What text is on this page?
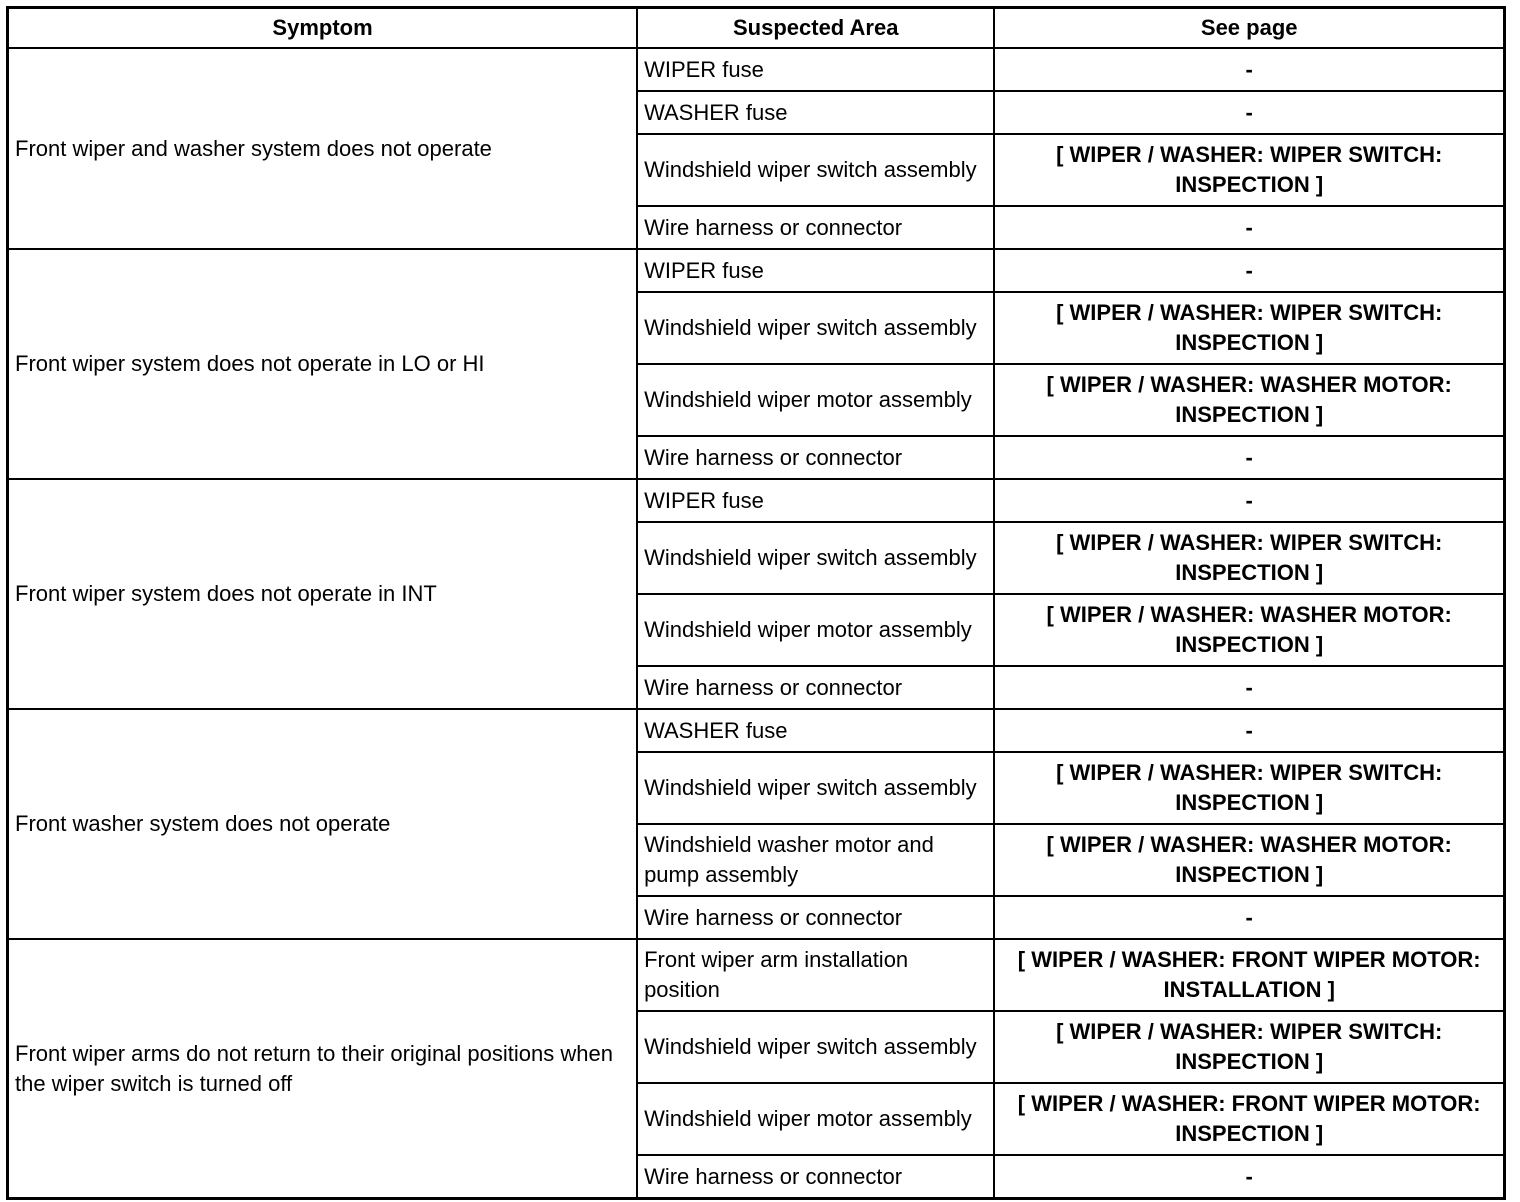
Symptom	Suspected Area	See page
Front wiper and washer system does not operate	WIPER fuse	-
	WASHER fuse	-
	Windshield wiper switch assembly	[ WIPER / WASHER: WIPER SWITCH: INSPECTION ]
	Wire harness or connector	-
Front wiper system does not operate in LO or HI	WIPER fuse	-
	Windshield wiper switch assembly	[ WIPER / WASHER: WIPER SWITCH: INSPECTION ]
	Windshield wiper motor assembly	[ WIPER / WASHER: WASHER MOTOR: INSPECTION ]
	Wire harness or connector	-
Front wiper system does not operate in INT	WIPER fuse	-
	Windshield wiper switch assembly	[ WIPER / WASHER: WIPER SWITCH: INSPECTION ]
	Windshield wiper motor assembly	[ WIPER / WASHER: WASHER MOTOR: INSPECTION ]
	Wire harness or connector	-
Front washer system does not operate	WASHER fuse	-
	Windshield wiper switch assembly	[ WIPER / WASHER: WIPER SWITCH: INSPECTION ]
	Windshield washer motor and pump assembly	[ WIPER / WASHER: WASHER MOTOR: INSPECTION ]
	Wire harness or connector	-
Front wiper arms do not return to their original positions when the wiper switch is turned off	Front wiper arm installation position	[ WIPER / WASHER: FRONT WIPER MOTOR: INSTALLATION ]
	Windshield wiper switch assembly	[ WIPER / WASHER: WIPER SWITCH: INSPECTION ]
	Windshield wiper motor assembly	[ WIPER / WASHER: FRONT WIPER MOTOR: INSPECTION ]
	Wire harness or connector	-
